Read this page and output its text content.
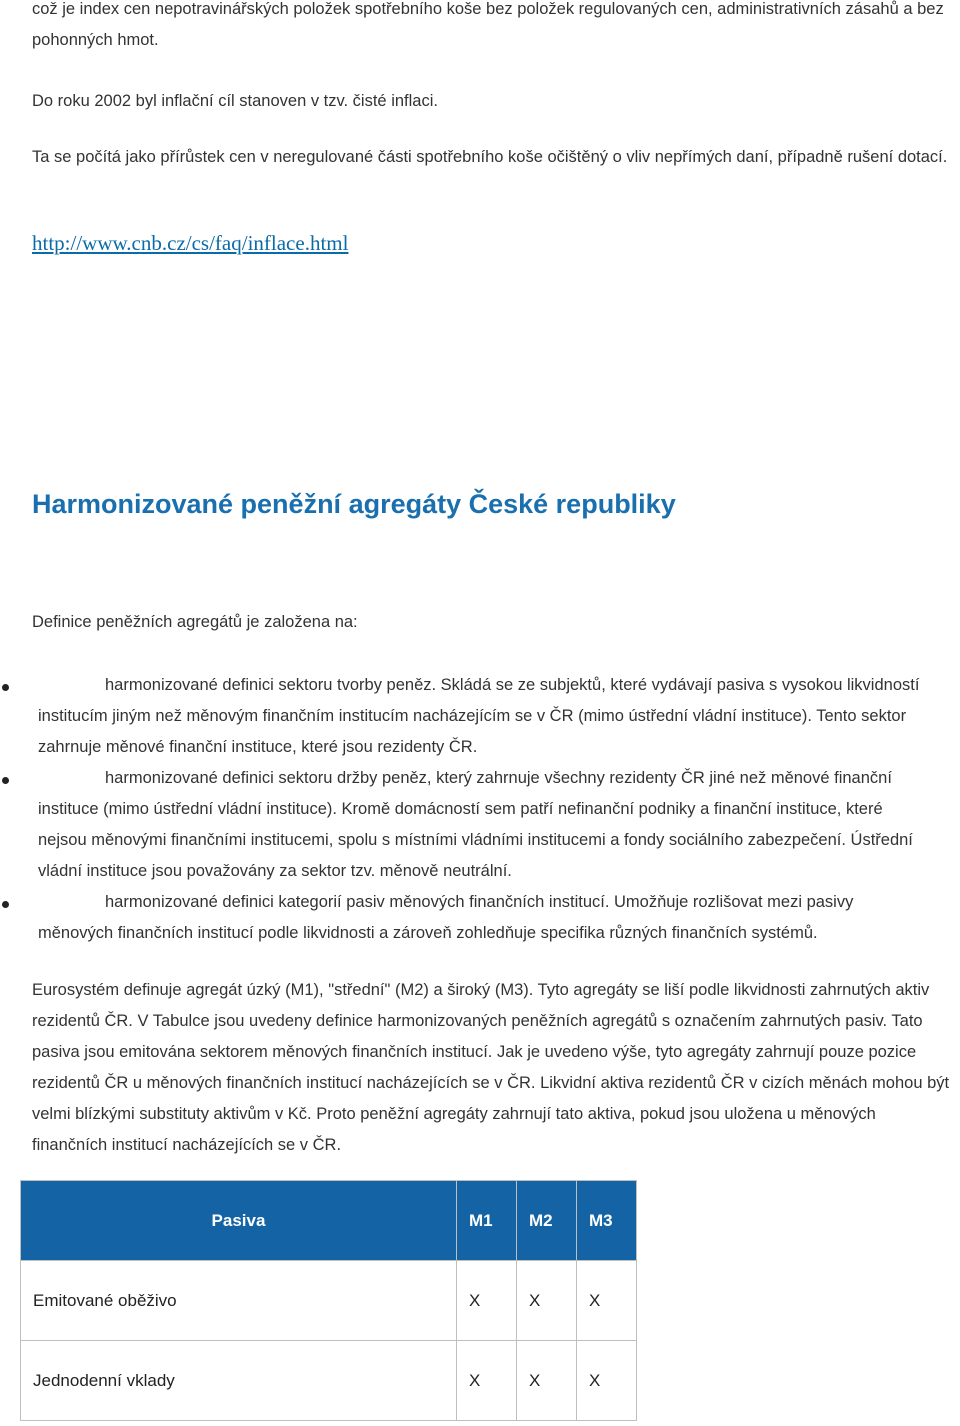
což je index cen nepotravinářských položek spotřebního koše bez položek regulovaných cen, administrativních zásahů a bez pohonných hmot.

Do roku 2002 byl inflační cíl stanoven v tzv. čisté inflaci.

Ta se počítá jako přírůstek cen v neregulované části spotřebního koše očištěný o vliv nepřímých daní, případně rušení dotací.

http://www.cnb.cz/cs/faq/inflace.html
Harmonizované peněžní agregáty České republiky

Definice peněžních agregátů je založena na:

harmonizované definici sektoru tvorby peněz. Skládá se ze subjektů, které vydávají pasiva s vysokou likvidností institucím jiným než měnovým finančním institucím nacházejícím se v ČR (mimo ústřední vládní instituce). Tento sektor zahrnuje měnové finanční instituce, které jsou rezidenty ČR.
harmonizované definici sektoru držby peněz, který zahrnuje všechny rezidenty ČR jiné než měnové finanční instituce (mimo ústřední vládní instituce). Kromě domácností sem patří nefinanční podniky a finanční instituce, které nejsou měnovými finančními institucemi, spolu s místními vládními institucemi a fondy sociálního zabezpečení. Ústřední vládní instituce jsou považovány za sektor tzv. měnově neutrální.
harmonizované definici kategorií pasiv měnových finančních institucí. Umožňuje rozlišovat mezi pasivy měnových finančních institucí podle likvidnosti a zároveň zohledňuje specifika různých finančních systémů.

Eurosystém definuje agregát úzký (M1), "střední" (M2) a široký (M3). Tyto agregáty se liší podle likvidnosti zahrnutých aktiv rezidentů ČR. V Tabulce jsou uvedeny definice harmonizovaných peněžních agregátů s označením zahrnutých pasiv. Tato pasiva jsou emitována sektorem měnových finančních institucí. Jak je uvedeno výše, tyto agregáty zahrnují pouze pozice rezidentů ČR u měnových finančních institucí nacházejících se v ČR. Likvidní aktiva rezidentů ČR v cizích měnách mohou být velmi blízkými substituty aktivům v Kč. Proto peněžní agregáty zahrnují tato aktiva, pokud jsou uložena u měnových finančních institucí nacházejících se v ČR.

Pasiva	M1	M2	M3
Emitované oběživo	X	X	X
Jednodenní vklady	X	X	X
